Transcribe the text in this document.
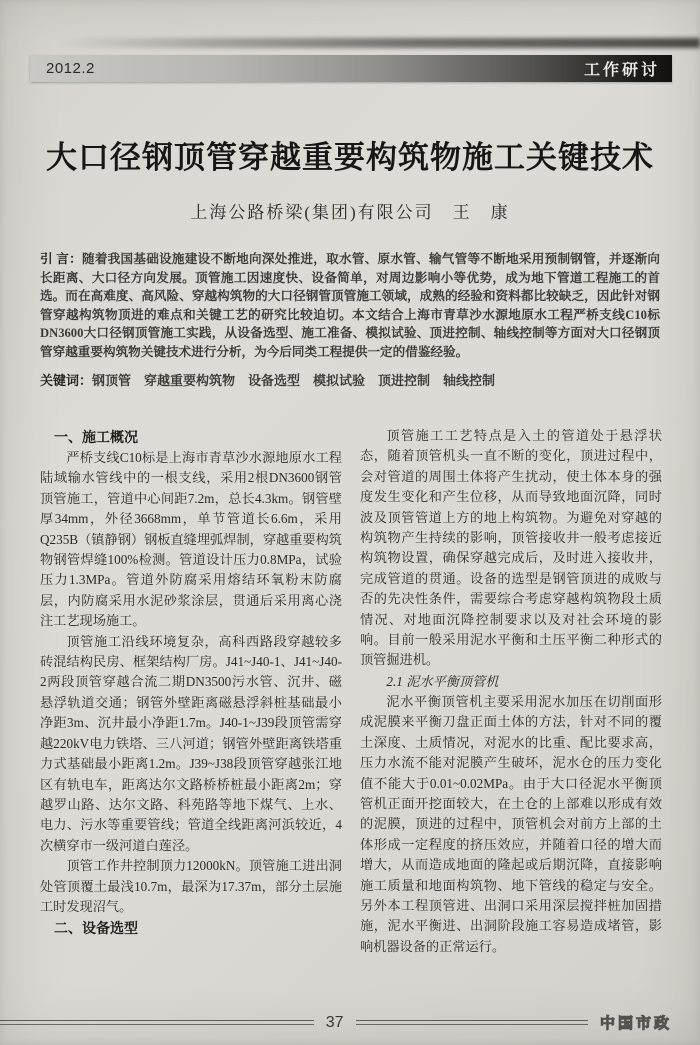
2012.2	工作研讨
大口径钢顶管穿越重要构筑物施工关键技术
上海公路桥梁(集团)有限公司　王　康
引 言：随着我国基础设施建设不断地向深处推进，取水管、原水管、输气管等不断地采用预制钢管，并逐渐向长距离、大口径方向发展。顶管施工因速度快、设备简单，对周边影响小等优势，成为地下管道工程施工的首选。而在高难度、高风险、穿越构筑物的大口径钢管顶管施工领域，成熟的经验和资料都比较缺乏，因此针对钢管穿越构筑物顶进的难点和关键工艺的研究比较迫切。本文结合上海市青草沙水源地原水工程严桥支线C10标DN3600大口径钢顶管施工实践，从设备选型、施工准备、模拟试验、顶进控制、轴线控制等方面对大口径钢顶管穿越重要构筑物关键技术进行分析，为今后同类工程提供一定的借鉴经验。
关键词：钢顶管　穿越重要构筑物　设备选型　模拟试验　顶进控制　轴线控制
一、施工概况

严桥支线C10标是上海市青草沙水源地原水工程陆域输水管线中的一根支线，采用2根DN3600钢管顶管施工，管道中心间距7.2m，总长4.3km。钢管壁厚34mm，外径3668mm，单节管道长6.6m，采用Q235B（镇静钢）钢板直缝埋弧焊制，穿越重要构筑物钢管焊缝100%检测。管道设计压力0.8MPa，试验压力1.3MPa。管道外防腐采用熔结环氧粉末防腐层，内防腐采用水泥砂浆涂层，贯通后采用离心浇注工艺现场施工。

顶管施工沿线环境复杂，高科西路段穿越较多砖混结构民房、框架结构厂房。J41~J40-1、J41~J40-2两段顶管穿越合流二期DN3500污水管、沉井、磁悬浮轨道交通；钢管外壁距离磁悬浮斜桩基础最小净距3m、沉井最小净距1.7m。J40-1~J39段顶管需穿越220kV电力铁塔、三八河道；钢管外壁距离铁塔重力式基础最小距离1.2m。J39~J38段顶管穿越张江地区有轨电车，距离达尔文路桥桥桩最小距离2m；穿越罗山路、达尔文路、科苑路等地下煤气、上水、电力、污水等重要管线；管道全线距离河浜较近，4次横穿市一级河道白莲泾。

顶管工作井控制顶力12000kN。顶管施工进出洞处管顶覆土最浅10.7m，最深为17.37m，部分土层施工时发现沼气。

二、设备选型

顶管施工工艺特点是入土的管道处于悬浮状态，随着顶管机头一直不断的变化，顶进过程中，会对管道的周围土体将产生扰动，使土体本身的强度发生变化和产生位移，从而导致地面沉降，同时波及顶管管道上方的地上构筑物。为避免对穿越的构筑物产生持续的影响，顶管接收井一般考虑接近构筑物设置，确保穿越完成后，及时进入接收井，完成管道的贯通。设备的选型是钢管顶进的成败与否的先决性条件，需要综合考虑穿越构筑物段土质情况、对地面沉降控制要求以及对社会环境的影响。目前一般采用泥水平衡和土压平衡二种形式的顶管掘进机。

2.1 泥水平衡顶管机

泥水平衡顶管机主要采用泥水加压在切削面形成泥膜来平衡刀盘正面土体的方法，针对不同的覆土深度、土质情况，对泥水的比重、配比要求高，压力水流不能对泥膜产生破坏，泥水仓的压力变化值不能大于0.01~0.02MPa。由于大口径泥水平衡顶管机正面开挖面较大，在土仓的上部难以形成有效的泥膜，顶进的过程中，顶管机会对前方上部的土体形成一定程度的挤压效应，并随着口径的增大而增大，从而造成地面的隆起或后期沉降，直接影响施工质量和地面构筑物、地下管线的稳定与安全。另外本工程顶管进、出洞口采用深层搅拌桩加固措施，泥水平衡进、出洞阶段施工容易造成堵管，影响机器设备的正常运行。

37	中国市政
